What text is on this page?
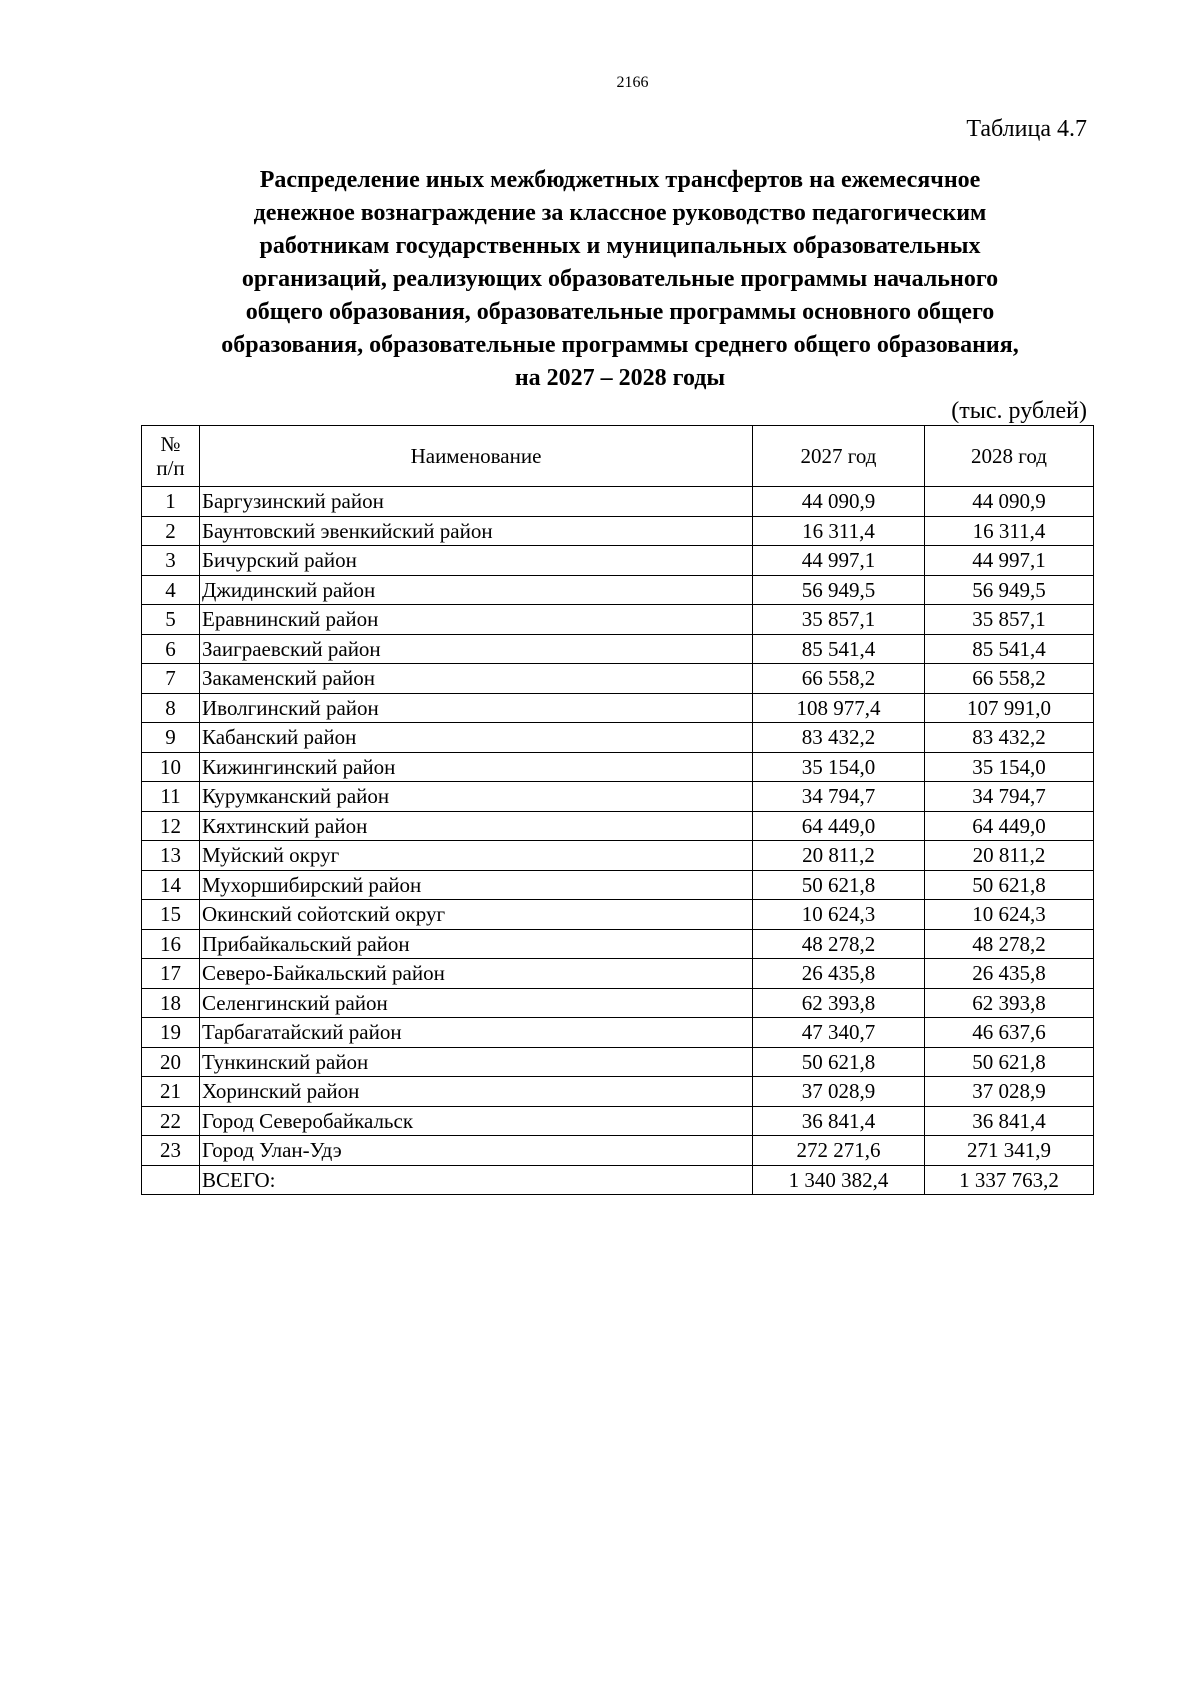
2166
Таблица 4.7
Распределение иных межбюджетных трансфертов на ежемесячное
денежное вознаграждение за классное руководство педагогическим
работникам государственных и муниципальных образовательных
организаций, реализующих образовательные программы начального
общего образования, образовательные программы основного общего
образования, образовательные программы среднего общего образования,
на 2027 – 2028 годы
(тыс. рублей)
№
п/п	Наименование	2027 год	2028 год
1	Баргузинский район	44 090,9	44 090,9
2	Баунтовский эвенкийский район	16 311,4	16 311,4
3	Бичурский район	44 997,1	44 997,1
4	Джидинский район	56 949,5	56 949,5
5	Еравнинский район	35 857,1	35 857,1
6	Заиграевский район	85 541,4	85 541,4
7	Закаменский район	66 558,2	66 558,2
8	Иволгинский район	108 977,4	107 991,0
9	Кабанский район	83 432,2	83 432,2
10	Кижингинский район	35 154,0	35 154,0
11	Курумканский район	34 794,7	34 794,7
12	Кяхтинский район	64 449,0	64 449,0
13	Муйский округ	20 811,2	20 811,2
14	Мухоршибирский район	50 621,8	50 621,8
15	Окинский сойотский округ	10 624,3	10 624,3
16	Прибайкальский район	48 278,2	48 278,2
17	Северо-Байкальский район	26 435,8	26 435,8
18	Селенгинский район	62 393,8	62 393,8
19	Тарбагатайский район	47 340,7	46 637,6
20	Тункинский район	50 621,8	50 621,8
21	Хоринский район	37 028,9	37 028,9
22	Город Северобайкальск	36 841,4	36 841,4
23	Город Улан-Удэ	272 271,6	271 341,9
	ВСЕГО:	1 340 382,4	1 337 763,2
